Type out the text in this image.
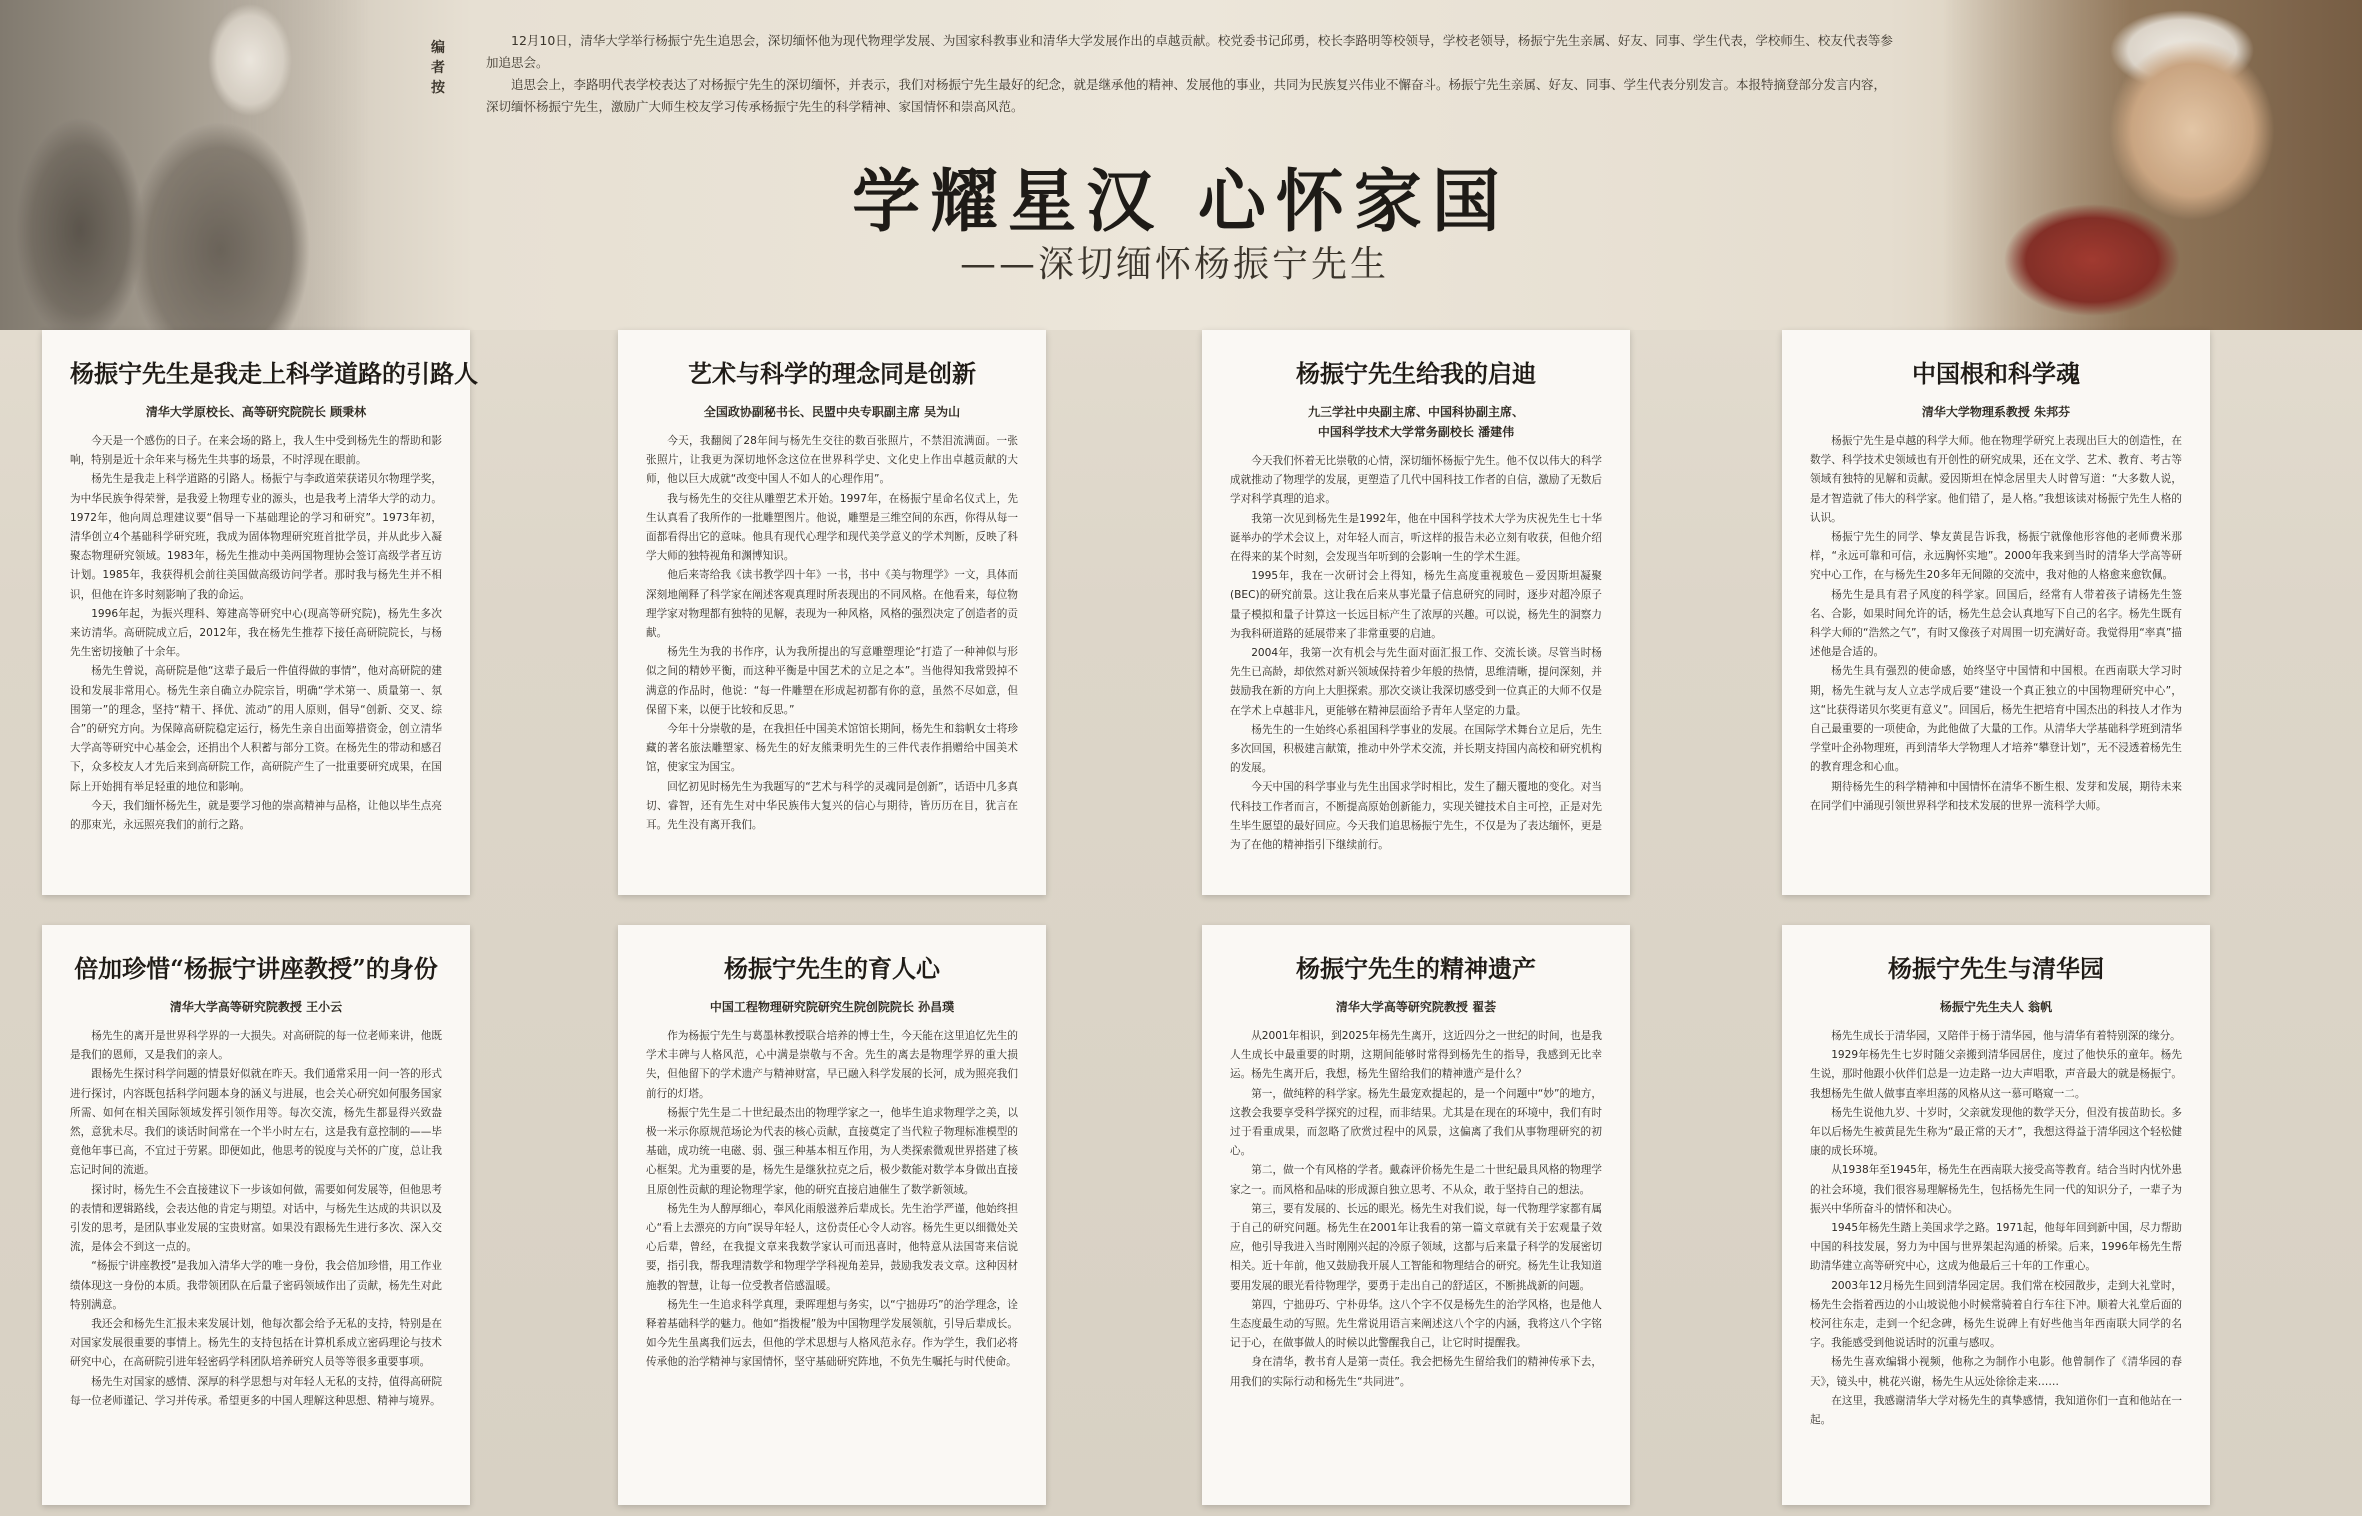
编者按

12月10日，清华大学举行杨振宁先生追思会，深切缅怀他为现代物理学发展、为国家科教事业和清华大学发展作出的卓越贡献。校党委书记邱勇，校长李路明等校领导，学校老领导，杨振宁先生亲属、好友、同事、学生代表，学校师生、校友代表等参加追思会。

追思会上，李路明代表学校表达了对杨振宁先生的深切缅怀，并表示，我们对杨振宁先生最好的纪念，就是继承他的精神、发展他的事业，共同为民族复兴伟业不懈奋斗。杨振宁先生亲属、好友、同事、学生代表分别发言。本报特摘登部分发言内容，深切缅怀杨振宁先生，激励广大师生校友学习传承杨振宁先生的科学精神、家国情怀和崇高风范。

学耀星汉 心怀家国
——深切缅怀杨振宁先生
杨振宁先生是我走上科学道路的引路人
清华大学原校长、高等研究院院长 顾秉林

今天是一个感伤的日子。在来会场的路上，我人生中受到杨先生的帮助和影响，特别是近十余年来与杨先生共事的场景，不时浮现在眼前。

杨先生是我走上科学道路的引路人。杨振宁与李政道荣获诺贝尔物理学奖，为中华民族争得荣誉，是我爱上物理专业的源头，也是我考上清华大学的动力。1972年，他向周总理建议要“倡导一下基础理论的学习和研究”。1973年初，清华创立4个基础科学研究班，我成为固体物理研究班首批学员，并从此步入凝聚态物理研究领域。1983年，杨先生推动中美两国物理协会签订高级学者互访计划。1985年，我获得机会前往美国做高级访问学者。那时我与杨先生并不相识，但他在许多时刻影响了我的命运。

1996年起，为振兴理科、筹建高等研究中心(现高等研究院)，杨先生多次来访清华。高研院成立后，2012年，我在杨先生推荐下接任高研院院长，与杨先生密切接触了十余年。

杨先生曾说，高研院是他“这辈子最后一件值得做的事情”，他对高研院的建设和发展非常用心。杨先生亲自确立办院宗旨，明确“学术第一、质量第一、氛围第一”的理念，坚持“精干、择优、流动”的用人原则，倡导“创新、交叉、综合”的研究方向。为保障高研院稳定运行，杨先生亲自出面筹措资金，创立清华大学高等研究中心基金会，还捐出个人积蓄与部分工资。在杨先生的带动和感召下，众多校友人才先后来到高研院工作，高研院产生了一批重要研究成果，在国际上开始拥有举足轻重的地位和影响。

今天，我们缅怀杨先生，就是要学习他的崇高精神与品格，让他以毕生点亮的那束光，永远照亮我们的前行之路。

艺术与科学的理念同是创新
全国政协副秘书长、民盟中央专职副主席 吴为山

今天，我翻阅了28年间与杨先生交往的数百张照片，不禁泪流满面。一张张照片，让我更为深切地怀念这位在世界科学史、文化史上作出卓越贡献的大师，他以巨大成就“改变中国人不如人的心理作用”。

我与杨先生的交往从雕塑艺术开始。1997年，在杨振宁星命名仪式上，先生认真看了我所作的一批雕塑图片。他说，雕塑是三维空间的东西，你得从每一面都看得出它的意味。他具有现代心理学和现代美学意义的学术判断，反映了科学大师的独特视角和渊博知识。

他后来寄给我《读书教学四十年》一书，书中《美与物理学》一文，具体而深刻地阐释了科学家在阐述客观真理时所表现出的不同风格。在他看来，每位物理学家对物理都有独特的见解，表现为一种风格，风格的强烈决定了创造者的贡献。

杨先生为我的书作序，认为我所提出的写意雕塑理论“打造了一种神似与形似之间的精妙平衡，而这种平衡是中国艺术的立足之本”。当他得知我常毁掉不满意的作品时，他说：“每一件雕塑在形成起初都有你的意，虽然不尽如意，但保留下来，以便于比较和反思。”

今年十分崇敬的是，在我担任中国美术馆馆长期间，杨先生和翁帆女士将珍藏的著名旅法雕塑家、杨先生的好友熊秉明先生的三件代表作捐赠给中国美术馆，使家宝为国宝。

回忆初见时杨先生为我题写的“艺术与科学的灵魂同是创新”，话语中几多真切、睿智，还有先生对中华民族伟大复兴的信心与期待，皆历历在目，犹言在耳。先生没有离开我们。

杨振宁先生给我的启迪
九三学社中央副主席、中国科协副主席、
中国科学技术大学常务副校长 潘建伟

今天我们怀着无比崇敬的心情，深切缅怀杨振宁先生。他不仅以伟大的科学成就推动了物理学的发展，更塑造了几代中国科技工作者的自信，激励了无数后学对科学真理的追求。

我第一次见到杨先生是1992年，他在中国科学技术大学为庆祝先生七十华诞举办的学术会议上，对年轻人而言，听这样的报告未必立刻有收获，但他介绍在得来的某个时刻，会发现当年听到的会影响一生的学术生涯。

1995年，我在一次研讨会上得知，杨先生高度重视玻色－爱因斯坦凝聚(BEC)的研究前景。这让我在后来从事光量子信息研究的同时，逐步对超冷原子量子模拟和量子计算这一长远目标产生了浓厚的兴趣。可以说，杨先生的洞察力为我科研道路的延展带来了非常重要的启迪。

2004年，我第一次有机会与先生面对面汇报工作、交流长谈。尽管当时杨先生已高龄，却依然对新兴领域保持着少年般的热情，思维清晰，提问深刻，并鼓励我在新的方向上大胆探索。那次交谈让我深切感受到一位真正的大师不仅是在学术上卓越非凡，更能够在精神层面给予青年人坚定的力量。

杨先生的一生始终心系祖国科学事业的发展。在国际学术舞台立足后，先生多次回国，积极建言献策，推动中外学术交流，并长期支持国内高校和研究机构的发展。

今天中国的科学事业与先生出国求学时相比，发生了翻天覆地的变化。对当代科技工作者而言，不断提高原始创新能力，实现关键技术自主可控，正是对先生毕生愿望的最好回应。今天我们追思杨振宁先生，不仅是为了表达缅怀，更是为了在他的精神指引下继续前行。

中国根和科学魂
清华大学物理系教授 朱邦芬

杨振宁先生是卓越的科学大师。他在物理学研究上表现出巨大的创造性，在数学、科学技术史领域也有开创性的研究成果，还在文学、艺术、教育、考古等领域有独特的见解和贡献。爱因斯坦在悼念居里夫人时曾写道：“大多数人说，是才智造就了伟大的科学家。他们错了，是人格。”我想该读对杨振宁先生人格的认识。

杨振宁先生的同学、挚友黄昆告诉我，杨振宁就像他形容他的老师费米那样，“永远可靠和可信，永远胸怀实地”。2000年我来到当时的清华大学高等研究中心工作，在与杨先生20多年无间隙的交流中，我对他的人格愈来愈钦佩。

杨先生是具有君子风度的科学家。回国后，经常有人带着孩子请杨先生签名、合影，如果时间允许的话，杨先生总会认真地写下自己的名字。杨先生既有科学大师的“浩然之气”，有时又像孩子对周围一切充满好奇。我觉得用“率真”描述他是合适的。

杨先生具有强烈的使命感，始终坚守中国情和中国根。在西南联大学习时期，杨先生就与友人立志学成后要“建设一个真正独立的中国物理研究中心”，这“比获得诺贝尔奖更有意义”。回国后，杨先生把培育中国杰出的科技人才作为自己最重要的一项使命，为此他做了大量的工作。从清华大学基础科学班到清华学堂叶企孙物理班，再到清华大学物理人才培养“攀登计划”，无不浸透着杨先生的教育理念和心血。

期待杨先生的科学精神和中国情怀在清华不断生根、发芽和发展，期待未来在同学们中涌现引领世界科学和技术发展的世界一流科学大师。

倍加珍惜“杨振宁讲座教授”的身份
清华大学高等研究院教授 王小云

杨先生的离开是世界科学界的一大损失。对高研院的每一位老师来讲，他既是我们的恩师，又是我们的亲人。

跟杨先生探讨科学问题的情景好似就在昨天。我们通常采用一问一答的形式进行探讨，内容既包括科学问题本身的涵义与进展，也会关心研究如何服务国家所需、如何在相关国际领域发挥引领作用等。每次交流，杨先生都显得兴致盎然，意犹未尽。我们的谈话时间常在一个半小时左右，这是我有意控制的——毕竟他年事已高，不宜过于劳累。即便如此，他思考的锐度与关怀的广度，总让我忘记时间的流逝。

探讨时，杨先生不会直接建议下一步该如何做，需要如何发展等，但他思考的表情和逻辑路线，会表达他的肯定与期望。对话中，与杨先生达成的共识以及引发的思考，是团队事业发展的宝贵财富。如果没有跟杨先生进行多次、深入交流，是体会不到这一点的。

“杨振宁讲座教授”是我加入清华大学的唯一身份，我会倍加珍惜，用工作业绩体现这一身份的本质。我带领团队在后量子密码领域作出了贡献，杨先生对此特别满意。

我还会和杨先生汇报未来发展计划，他每次都会给予无私的支持，特别是在对国家发展很重要的事情上。杨先生的支持包括在计算机系成立密码理论与技术研究中心，在高研院引进年轻密码学科团队培养研究人员等等很多重要事项。

杨先生对国家的感情、深厚的科学思想与对年轻人无私的支持，值得高研院每一位老师谨记、学习并传承。希望更多的中国人理解这种思想、精神与境界。

杨振宁先生的育人心
中国工程物理研究院研究生院创院院长 孙昌璞

作为杨振宁先生与葛墨林教授联合培养的博士生，今天能在这里追忆先生的学术丰碑与人格风范，心中满是崇敬与不舍。先生的离去是物理学界的重大损失，但他留下的学术遗产与精神财富，早已融入科学发展的长河，成为照亮我们前行的灯塔。

杨振宁先生是二十世纪最杰出的物理学家之一，他毕生追求物理学之美，以极一米示你原规范场论为代表的核心贡献，直接奠定了当代粒子物理标准模型的基础，成功统一电磁、弱、强三种基本相互作用，为人类探索微观世界搭建了核心框架。尤为重要的是，杨先生是继狄拉克之后，极少数能对数学本身做出直接且原创性贡献的理论物理学家，他的研究直接启迪催生了数学新领域。

杨先生为人醇厚细心，奉风化雨般滋养后辈成长。先生治学严谨，他始终担心“看上去漂亮的方向”误导年轻人，这份责任心令人动容。杨先生更以细微处关心后辈，曾经，在我提文章来我数学家认可而迅喜时，他特意从法国寄来信说要，指引我，帮我理清数学和物理学学科视角差异，鼓励我发表文章。这种因材施教的智慧，让每一位受教者倍感温暖。

杨先生一生追求科学真理，秉晖理想与务实，以“宁拙毋巧”的治学理念，诠释着基础科学的魅力。他如“指拨棍”般为中国物理学发展领航，引导后辈成长。如今先生虽离我们远去，但他的学术思想与人格风范永存。作为学生，我们必将传承他的治学精神与家国情怀，坚守基础研究阵地，不负先生嘱托与时代使命。

杨振宁先生的精神遗产
清华大学高等研究院教授 翟荟

从2001年相识，到2025年杨先生离开，这近四分之一世纪的时间，也是我人生成长中最重要的时期，这期间能够时常得到杨先生的指导，我感到无比幸运。杨先生离开后，我想，杨先生留给我们的精神遗产是什么？

第一，做纯粹的科学家。杨先生最宠欢提起的，是一个问题中“妙”的地方，这教会我要享受科学探究的过程，而非结果。尤其是在现在的环境中，我们有时过于看重成果，而忽略了欣赏过程中的风景，这偏离了我们从事物理研究的初心。

第二，做一个有风格的学者。戴森评价杨先生是二十世纪最具风格的物理学家之一。而风格和品味的形成源自独立思考、不从众，敢于坚持自己的想法。

第三，要有发展的、长远的眼光。杨先生对我们说，每一代物理学家都有属于自己的研究问题。杨先生在2001年让我看的第一篇文章就有关于宏观量子效应，他引导我进入当时刚刚兴起的冷原子领域，这都与后来量子科学的发展密切相关。近十年前，他又鼓励我开展人工智能和物理结合的研究。杨先生让我知道要用发展的眼光看待物理学，要勇于走出自己的舒适区，不断挑战新的问题。

第四，宁拙毋巧、宁朴毋华。这八个字不仅是杨先生的治学风格，也是他人生态度最生动的写照。先生常说用语言来阐述这八个字的内涵，我将这八个字铭记于心，在做事做人的时候以此警醒我自己，让它时时提醒我。

身在清华，教书育人是第一责任。我会把杨先生留给我们的精神传承下去，用我们的实际行动和杨先生“共同进”。

杨振宁先生与清华园
杨振宁先生夫人 翁帆

杨先生成长于清华园，又陪伴于杨于清华园，他与清华有着特别深的缘分。

1929年杨先生七岁时随父亲搬到清华园居住，度过了他快乐的童年。杨先生说，那时他跟小伙伴们总是一边走路一边大声唱歌，声音最大的就是杨振宁。我想杨先生做人做事直率坦荡的风格从这一慕可略窥一二。

杨先生说他九岁、十岁时，父亲就发现他的数学天分，但没有拔苗助长。多年以后杨先生被黄昆先生称为“最正常的天才”，我想这得益于清华园这个轻松健康的成长环境。

从1938年至1945年，杨先生在西南联大接受高等教育。结合当时内忧外患的社会环境，我们很容易理解杨先生，包括杨先生同一代的知识分子，一辈子为振兴中华所奋斗的情怀和决心。

1945年杨先生踏上美国求学之路。1971起，他每年回到新中国，尽力帮助中国的科技发展，努力为中国与世界架起沟通的桥梁。后来，1996年杨先生帮助清华建立高等研究中心，这成为他最后三十年的工作重心。

2003年12月杨先生回到清华园定居。我们常在校园散步，走到大礼堂时，杨先生会指着西边的小山坡说他小时候常骑着自行车往下冲。顺着大礼堂后面的校河往东走，走到一个纪念碑，杨先生说碑上有好些他当年西南联大同学的名字。我能感受到他说话时的沉重与感叹。

杨先生喜欢编辑小视频，他称之为制作小电影。他曾制作了《清华园的春天》，镜头中，桃花兴谢，杨先生从远处徐徐走来……

在这里，我感谢清华大学对杨先生的真挚感情，我知道你们一直和他站在一起。
